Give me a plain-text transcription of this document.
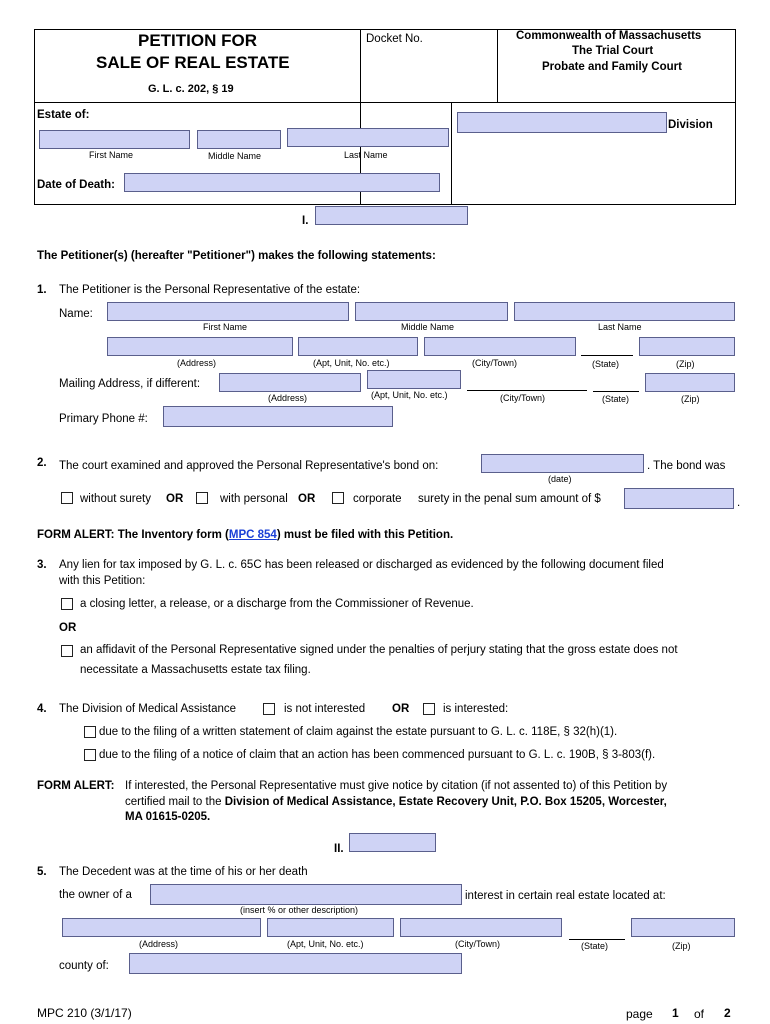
PETITION FOR
SALE OF REAL ESTATE
G. L. c. 202, § 19
Docket No.	Commonwealth of Massachusetts
The Trial Court
Probate and Family Court
Estate of:
First Name	Middle Name	Last Name
Division
Date of Death:
I.
The Petitioner(s) (hereafter "Petitioner") makes the following statements:
1. The Petitioner is the Personal Representative of the estate:
Name:
First Name	Middle Name	Last Name
(Address)	(Apt, Unit, No. etc.)	(City/Town)	(State)	(Zip)
Mailing Address, if different:
(Address)	(Apt, Unit, No. etc.)	(City/Town)	(State)	(Zip)
Primary Phone #:
2. The court examined and approved the Personal Representative's bond on:	. The bond was
(date)
without surety OR	with personal OR	corporate surety in the penal sum amount of $	.
FORM ALERT: The Inventory form (MPC 854) must be filed with this Petition.
3. Any lien for tax imposed by G. L. c. 65C has been released or discharged as evidenced by the following document filed
with this Petition:
a closing letter, a release, or a discharge from the Commissioner of Revenue.
OR
an affidavit of the Personal Representative signed under the penalties of perjury stating that the gross estate does not
necessitate a Massachusetts estate tax filing.
4. The Division of Medical Assistance	is not interested OR	is interested:
due to the filing of a written statement of claim against the estate pursuant to G. L. c. 118E, § 32(h)(1).
due to the filing of a notice of claim that an action has been commenced pursuant to G. L. c. 190B, § 3-803(f).
FORM ALERT: If interested, the Personal Representative must give notice by citation (if not assented to) of this Petition by
certified mail to the Division of Medical Assistance, Estate Recovery Unit, P.O. Box 15205, Worcester,
MA 01615-0205.
II.
5. The Decedent was at the time of his or her death
the owner of a	interest in certain real estate located at:
(insert % or other description)
(Address)	(Apt, Unit, No. etc.)	(City/Town)	(State)	(Zip)
county of:
MPC 210 (3/1/17)	page 1 of 2
